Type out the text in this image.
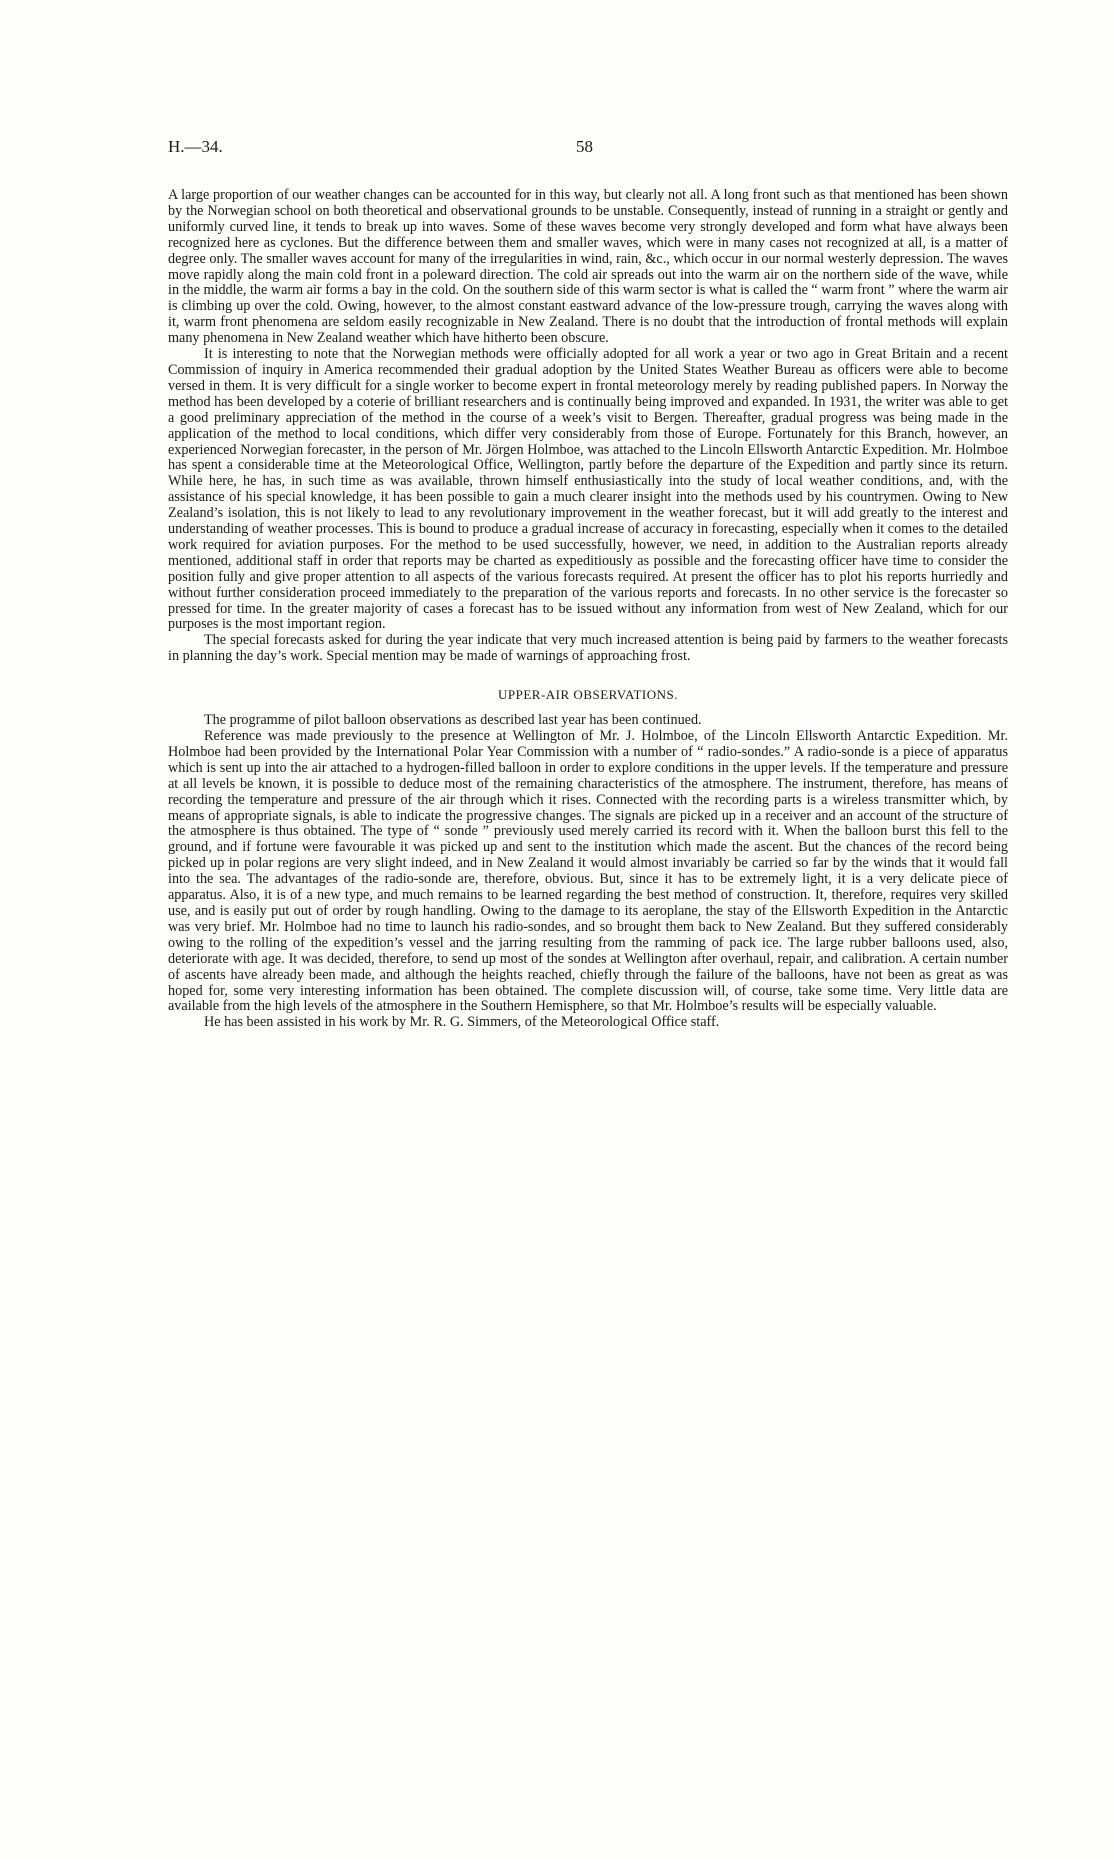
H.—34.	58

A large proportion of our weather changes can be accounted for in this way, but clearly not all. A long front such as that mentioned has been shown by the Norwegian school on both theoretical and observational grounds to be unstable. Consequently, instead of running in a straight or gently and uniformly curved line, it tends to break up into waves. Some of these waves become very strongly developed and form what have always been recognized here as cyclones. But the difference between them and smaller waves, which were in many cases not recognized at all, is a matter of degree only. The smaller waves account for many of the irregularities in wind, rain, &c., which occur in our normal westerly depression. The waves move rapidly along the main cold front in a poleward direction. The cold air spreads out into the warm air on the northern side of the wave, while in the middle, the warm air forms a bay in the cold. On the southern side of this warm sector is what is called the “ warm front ” where the warm air is climbing up over the cold. Owing, however, to the almost constant eastward advance of the low-pressure trough, carrying the waves along with it, warm front phenomena are seldom easily recognizable in New Zealand. There is no doubt that the introduction of frontal methods will explain many phenomena in New Zealand weather which have hitherto been obscure.

It is interesting to note that the Norwegian methods were officially adopted for all work a year or two ago in Great Britain and a recent Commission of inquiry in America recommended their gradual adoption by the United States Weather Bureau as officers were able to become versed in them. It is very difficult for a single worker to become expert in frontal meteorology merely by reading published papers. In Norway the method has been developed by a coterie of brilliant researchers and is continually being improved and expanded. In 1931, the writer was able to get a good preliminary appreciation of the method in the course of a week’s visit to Bergen. Thereafter, gradual progress was being made in the application of the method to local conditions, which differ very considerably from those of Europe. Fortunately for this Branch, however, an experienced Norwegian forecaster, in the person of Mr. Jörgen Holmboe, was attached to the Lincoln Ellsworth Antarctic Expedition. Mr. Holmboe has spent a considerable time at the Meteorological Office, Wellington, partly before the departure of the Expedition and partly since its return. While here, he has, in such time as was available, thrown himself enthusiastically into the study of local weather conditions, and, with the assistance of his special knowledge, it has been possible to gain a much clearer insight into the methods used by his countrymen. Owing to New Zealand’s isolation, this is not likely to lead to any revolutionary improvement in the weather forecast, but it will add greatly to the interest and understanding of weather processes. This is bound to produce a gradual increase of accuracy in forecasting, especially when it comes to the detailed work required for aviation purposes. For the method to be used successfully, however, we need, in addition to the Australian reports already mentioned, additional staff in order that reports may be charted as expeditiously as possible and the forecasting officer have time to consider the position fully and give proper attention to all aspects of the various forecasts required. At present the officer has to plot his reports hurriedly and without further consideration proceed immediately to the preparation of the various reports and forecasts. In no other service is the forecaster so pressed for time. In the greater majority of cases a forecast has to be issued without any information from west of New Zealand, which for our purposes is the most important region.

The special forecasts asked for during the year indicate that very much increased attention is being paid by farmers to the weather forecasts in planning the day’s work. Special mention may be made of warnings of approaching frost.

UPPER-AIR OBSERVATIONS.

The programme of pilot balloon observations as described last year has been continued.

Reference was made previously to the presence at Wellington of Mr. J. Holmboe, of the Lincoln Ellsworth Antarctic Expedition. Mr. Holmboe had been provided by the International Polar Year Commission with a number of “ radio-sondes.” A radio-sonde is a piece of apparatus which is sent up into the air attached to a hydrogen-filled balloon in order to explore conditions in the upper levels. If the temperature and pressure at all levels be known, it is possible to deduce most of the remaining characteristics of the atmosphere. The instrument, therefore, has means of recording the temperature and pressure of the air through which it rises. Connected with the recording parts is a wireless transmitter which, by means of appropriate signals, is able to indicate the progressive changes. The signals are picked up in a receiver and an account of the structure of the atmosphere is thus obtained. The type of “ sonde ” previously used merely carried its record with it. When the balloon burst this fell to the ground, and if fortune were favourable it was picked up and sent to the institution which made the ascent. But the chances of the record being picked up in polar regions are very slight indeed, and in New Zealand it would almost invariably be carried so far by the winds that it would fall into the sea. The advantages of the radio-sonde are, therefore, obvious. But, since it has to be extremely light, it is a very delicate piece of apparatus. Also, it is of a new type, and much remains to be learned regarding the best method of construction. It, therefore, requires very skilled use, and is easily put out of order by rough handling. Owing to the damage to its aeroplane, the stay of the Ellsworth Expedition in the Antarctic was very brief. Mr. Holmboe had no time to launch his radio-sondes, and so brought them back to New Zealand. But they suffered considerably owing to the rolling of the expedition’s vessel and the jarring resulting from the ramming of pack ice. The large rubber balloons used, also, deteriorate with age. It was decided, therefore, to send up most of the sondes at Wellington after overhaul, repair, and calibration. A certain number of ascents have already been made, and although the heights reached, chiefly through the failure of the balloons, have not been as great as was hoped for, some very interesting information has been obtained. The complete discussion will, of course, take some time. Very little data are available from the high levels of the atmosphere in the Southern Hemisphere, so that Mr. Holmboe’s results will be especially valuable.

He has been assisted in his work by Mr. R. G. Simmers, of the Meteorological Office staff.
